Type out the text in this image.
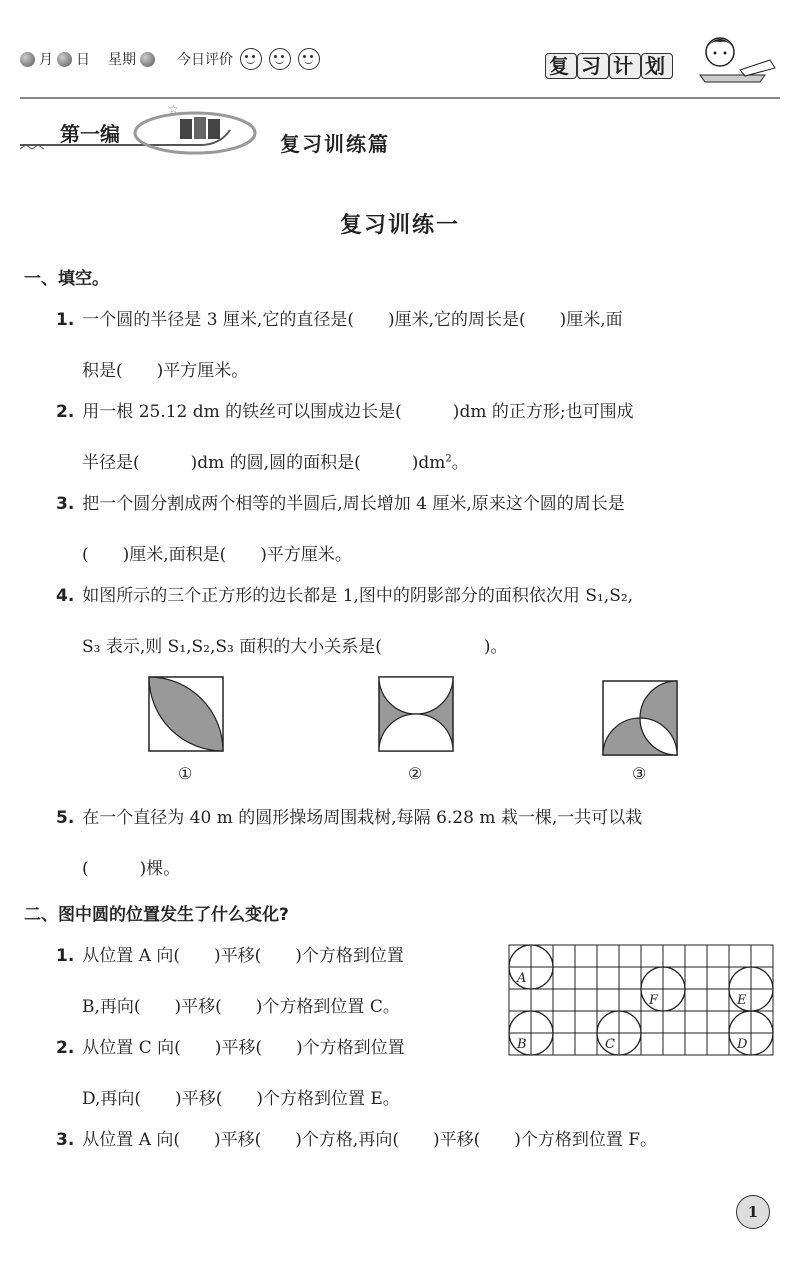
月 日 星期	今日评价	复 习 计 划
☆
第一编	复习训练篇
复习训练一
一、填空。
1. 一个圆的半径是 3 厘米,它的直径是(　　)厘米,它的周长是(　　)厘米,面
积是(　　)平方厘米。
2. 用一根 25.12 dm 的铁丝可以围成边长是(　　　)dm 的正方形;也可围成
半径是(　　　)dm 的圆,圆的面积是(　　　)$dm^2$。
3. 把一个圆分割成两个相等的半圆后,周长增加 4 厘米,原来这个圆的周长是
(　　)厘米,面积是(　　)平方厘米。
4. 如图所示的三个正方形的边长都是 1,图中的阴影部分的面积依次用 S₁,S₂,
S₃ 表示,则 S₁,S₂,S₃ 面积的大小关系是(　　　　　　)。
①	②	③
5. 在一个直径为 40 m 的圆形操场周围栽树,每隔 6.28 m 栽一棵,一共可以栽
(　　　)棵。
二、图中圆的位置发生了什么变化?
1. 从位置 A 向(　　)平移(　　)个方格到位置
B,再向(　　)平移(　　)个方格到位置 C。
2. 从位置 C 向(　　)平移(　　)个方格到位置
D,再向(　　)平移(　　)个方格到位置 E。
3. 从位置 A 向(　　)平移(　　)个方格,再向(　　)平移(　　)个方格到位置 F。
A
F	E
B	C	D
1
